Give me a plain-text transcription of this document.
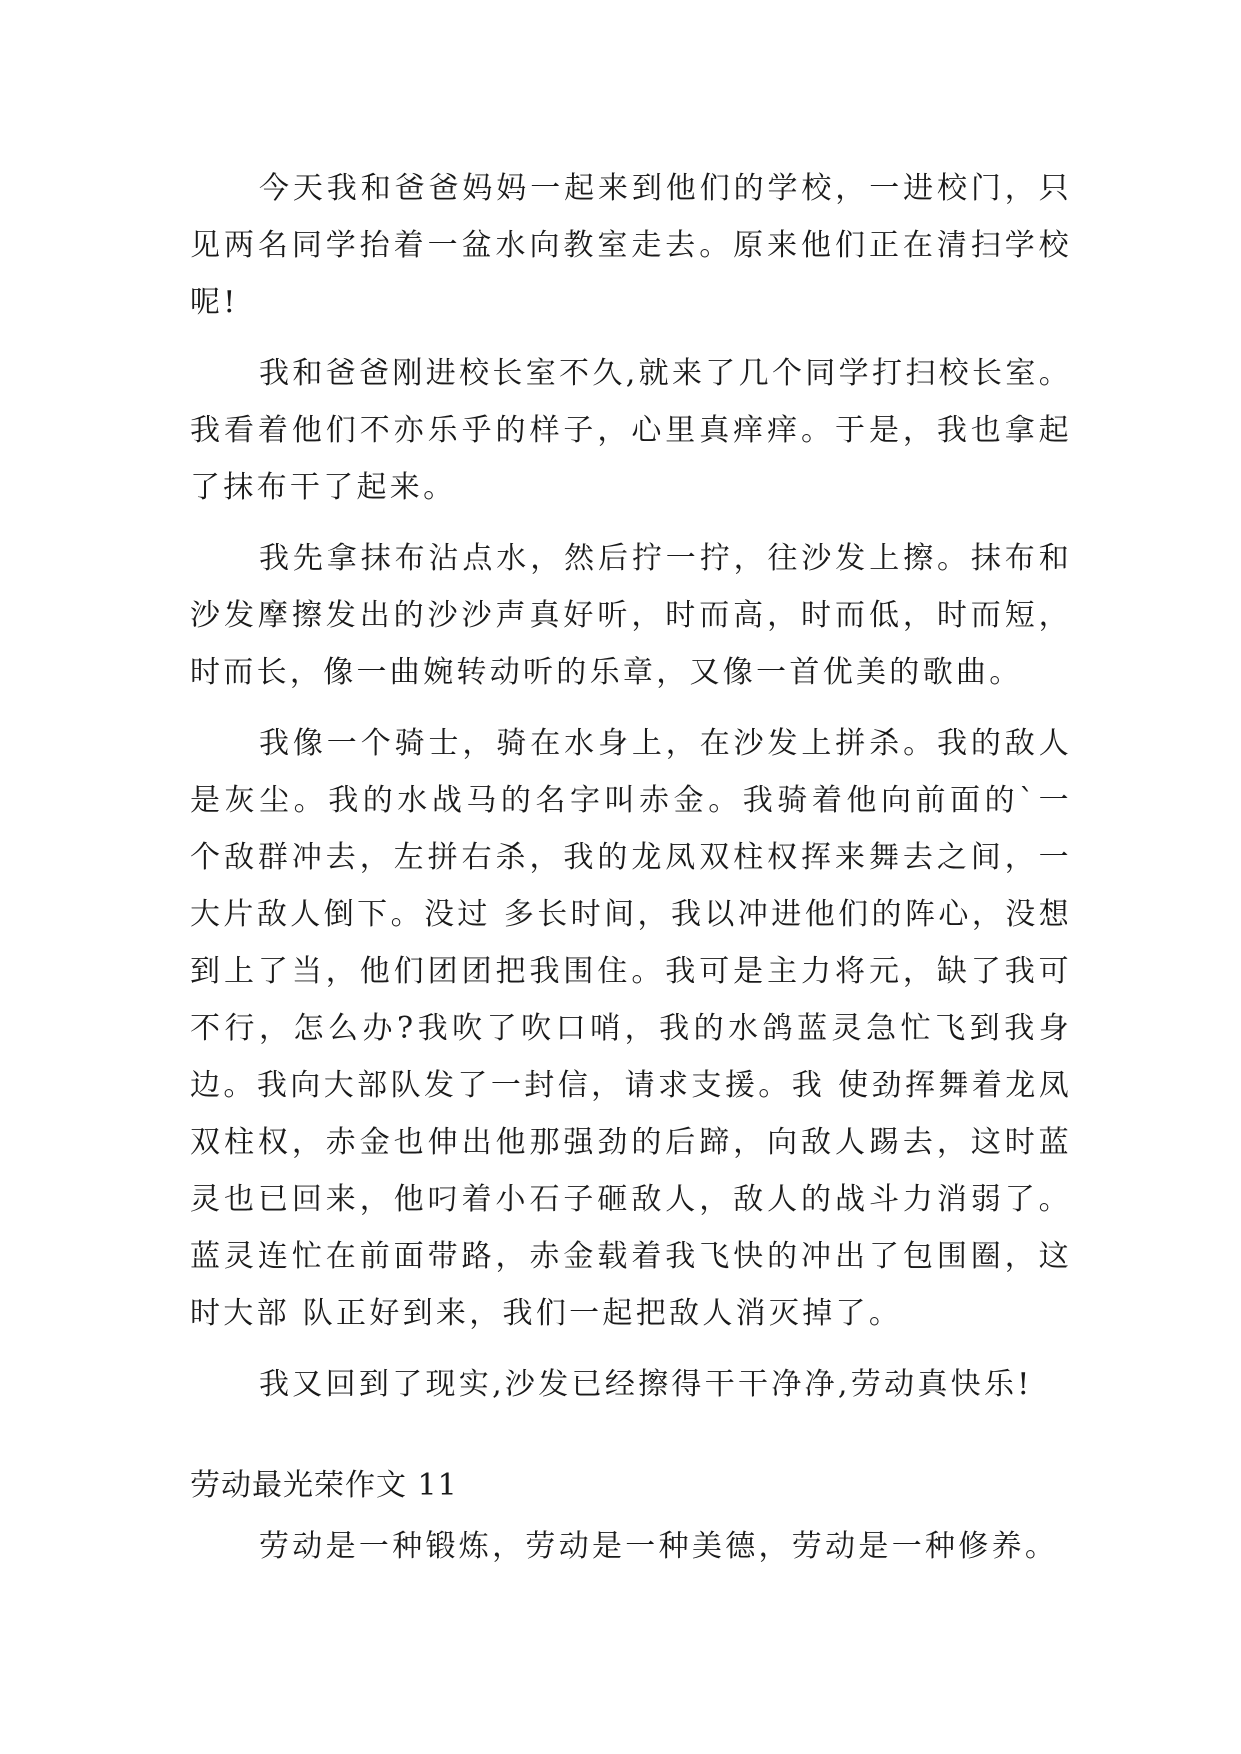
今天我和爸爸妈妈一起来到他们的学校，一进校门，只见两名同学抬着一盆水向教室走去。原来他们正在清扫学校呢!

我和爸爸刚进校长室不久,就来了几个同学打扫校长室。我看着他们不亦乐乎的样子，心里真痒痒。于是，我也拿起了抹布干了起来。

我先拿抹布沾点水，然后拧一拧，往沙发上擦。抹布和沙发摩擦发出的沙沙声真好听，时而高，时而低，时而短，时而长，像一曲婉转动听的乐章，又像一首优美的歌曲。

我像一个骑士，骑在水身上，在沙发上拼杀。我的敌人是灰尘。我的水战马的名字叫赤金。我骑着他向前面的`一个敌群冲去，左拼右杀，我的龙凤双柱权挥来舞去之间，一大片敌人倒下。没过 多长时间，我以冲进他们的阵心，没想到上了当，他们团团把我围住。我可是主力将元，缺了我可不行，怎么办?我吹了吹口哨，我的水鸽蓝灵急忙飞到我身边。我向大部队发了一封信，请求支援。我 使劲挥舞着龙凤双柱权，赤金也伸出他那强劲的后蹄，向敌人踢去，这时蓝灵也已回来，他叼着小石子砸敌人，敌人的战斗力消弱了。蓝灵连忙在前面带路，赤金载着我飞快的冲出了包围圈，这时大部 队正好到来，我们一起把敌人消灭掉了。

我又回到了现实,沙发已经擦得干干净净,劳动真快乐!

劳动最光荣作文 11

劳动是一种锻炼，劳动是一种美德，劳动是一种修养。
